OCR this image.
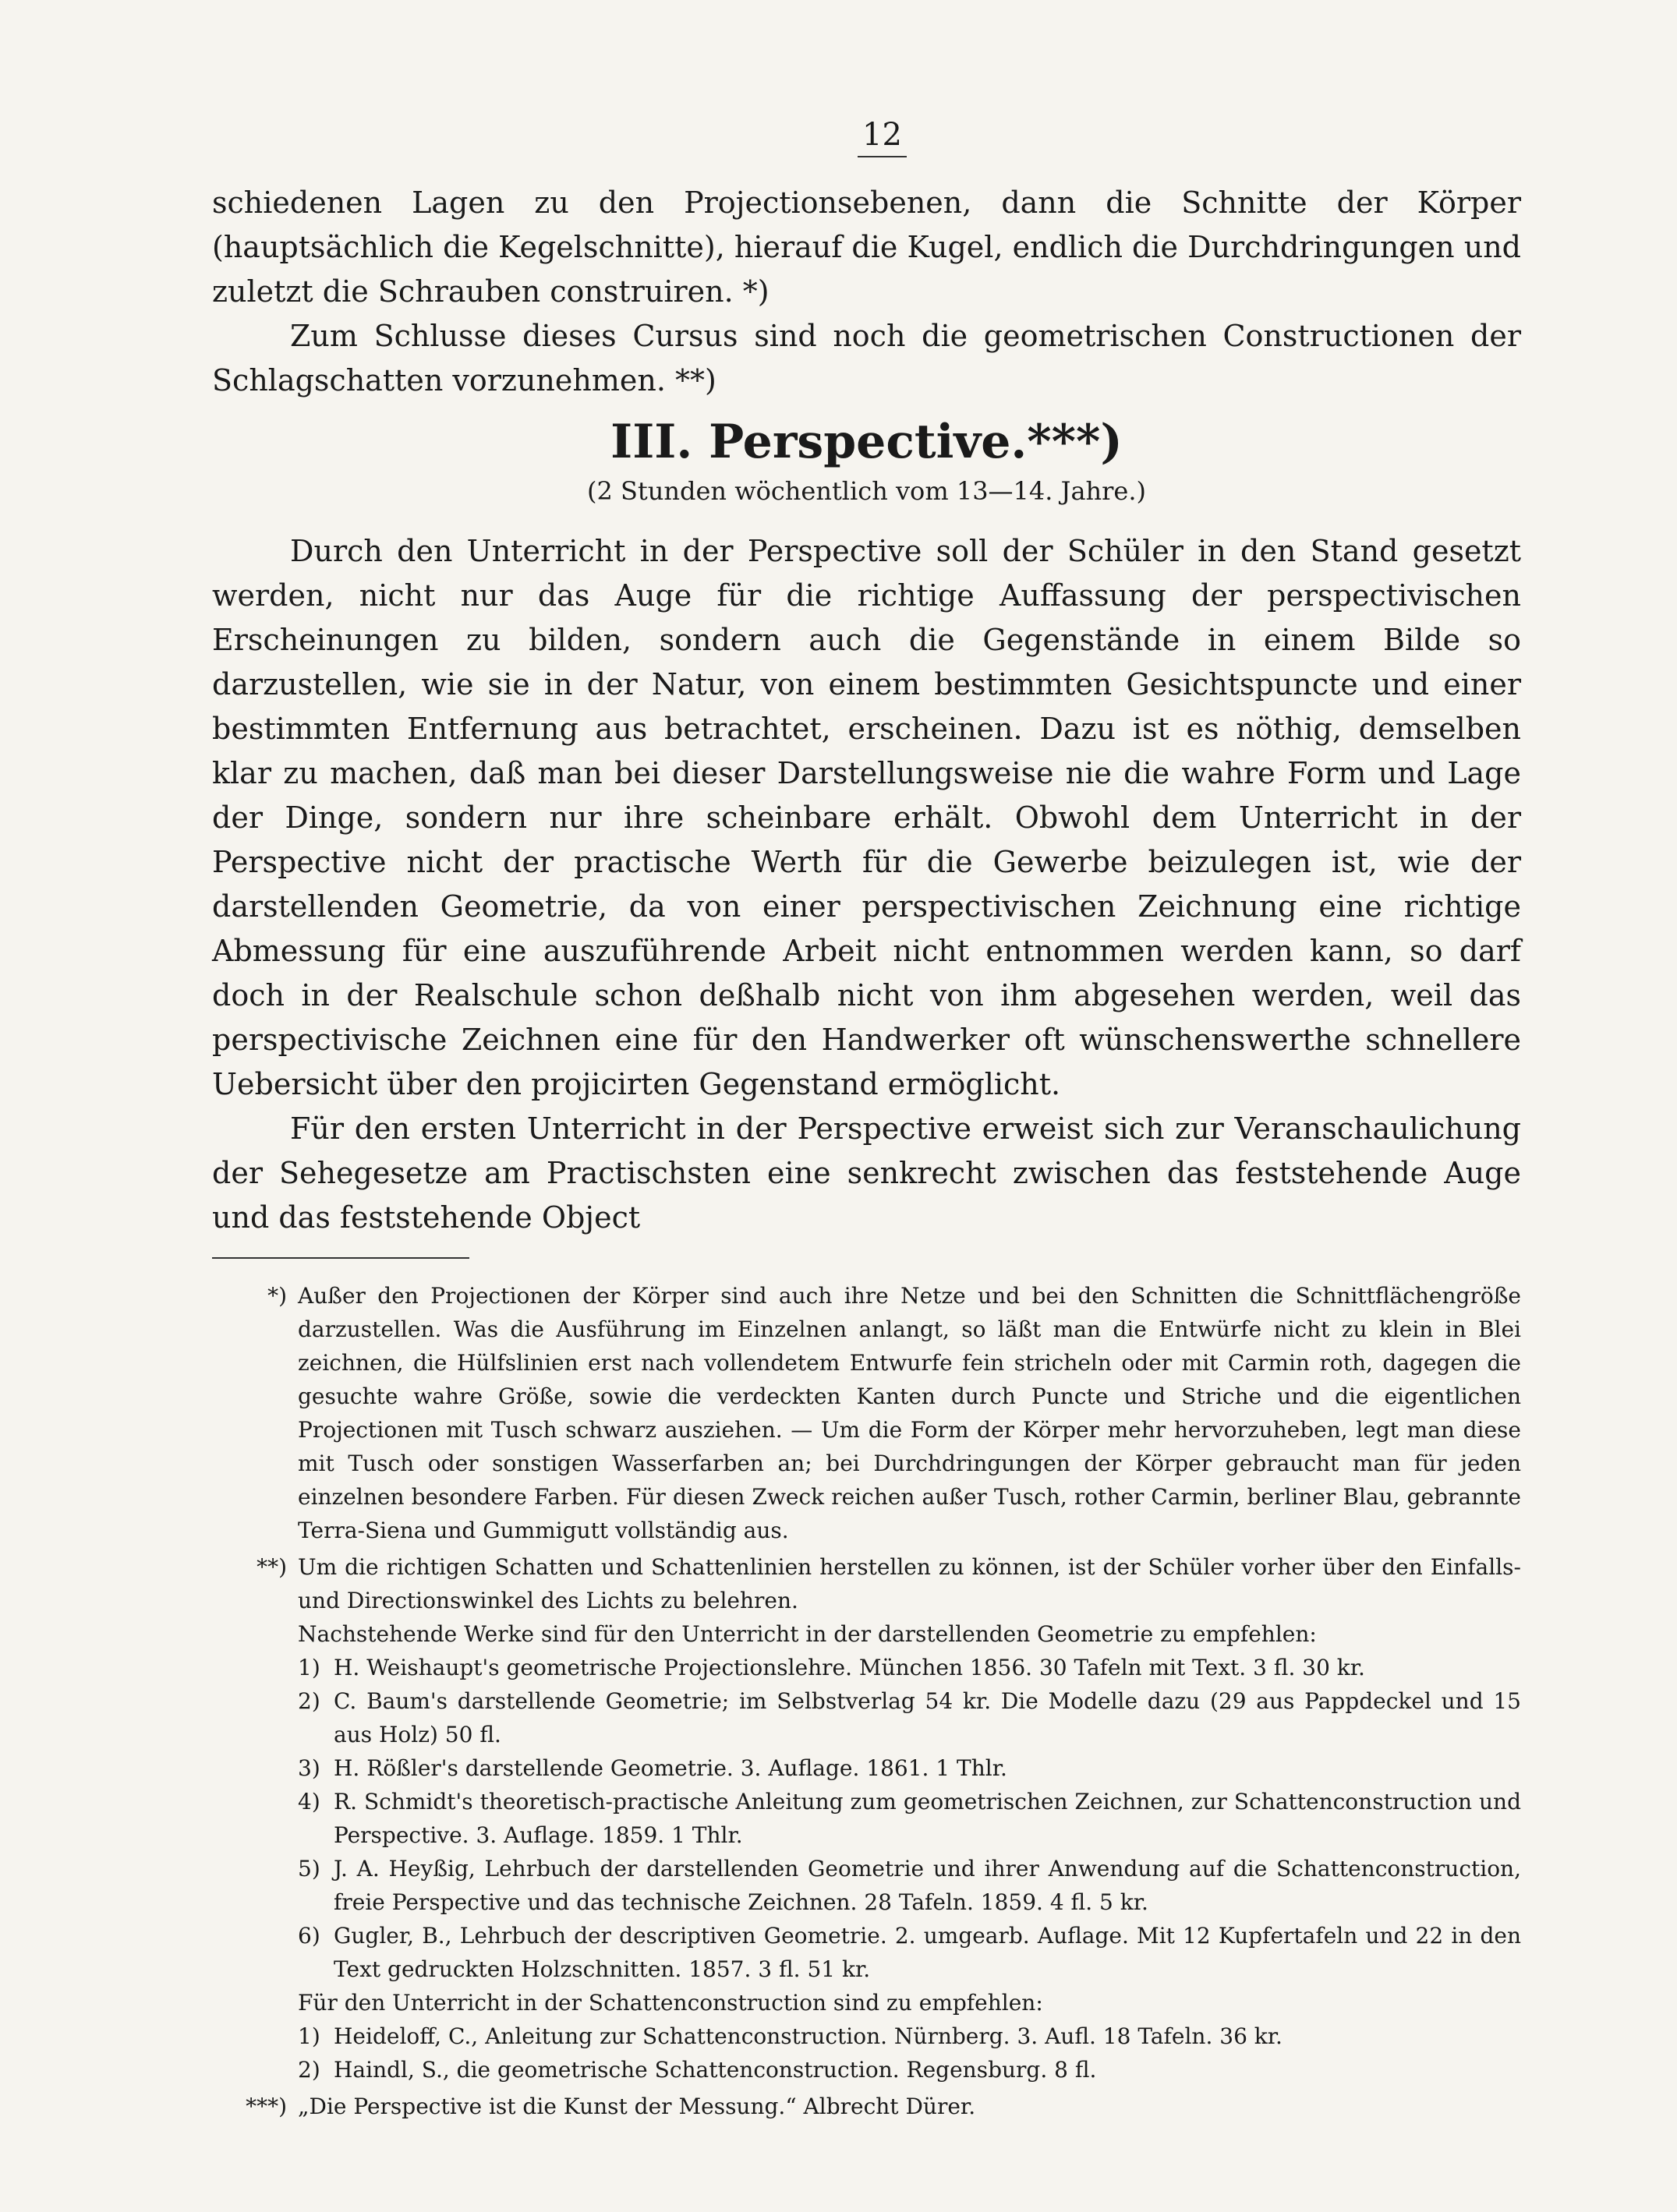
12

schiedenen Lagen zu den Projectionsebenen, dann die Schnitte der Körper (hauptsächlich die Kegelschnitte), hierauf die Kugel, endlich die Durchdringungen und zuletzt die Schrauben construiren. *)

Zum Schlusse dieses Cursus sind noch die geometrischen Constructionen der Schlagschatten vorzunehmen. **)

III. Perspective.***)
(2 Stunden wöchentlich vom 13—14. Jahre.)

Durch den Unterricht in der Perspective soll der Schüler in den Stand gesetzt werden, nicht nur das Auge für die richtige Auffassung der perspectivischen Erscheinungen zu bilden, sondern auch die Gegenstände in einem Bilde so darzustellen, wie sie in der Natur, von einem bestimmten Gesichtspuncte und einer bestimmten Entfernung aus betrachtet, erscheinen. Dazu ist es nöthig, demselben klar zu machen, daß man bei dieser Darstellungsweise nie die wahre Form und Lage der Dinge, sondern nur ihre scheinbare erhält. Obwohl dem Unterricht in der Perspective nicht der practische Werth für die Gewerbe beizulegen ist, wie der darstellenden Geometrie, da von einer perspectivischen Zeichnung eine richtige Abmessung für eine auszuführende Arbeit nicht entnommen werden kann, so darf doch in der Realschule schon deßhalb nicht von ihm abgesehen werden, weil das perspectivische Zeichnen eine für den Handwerker oft wünschenswerthe schnellere Uebersicht über den projicirten Gegenstand ermöglicht.

Für den ersten Unterricht in der Perspective erweist sich zur Veranschaulichung der Sehegesetze am Practischsten eine senkrecht zwischen das feststehende Auge und das feststehende Object

*) Außer den Projectionen der Körper sind auch ihre Netze und bei den Schnitten die Schnittflächengröße darzustellen. Was die Ausführung im Einzelnen anlangt, so läßt man die Entwürfe nicht zu klein in Blei zeichnen, die Hülfslinien erst nach vollendetem Entwurfe fein stricheln oder mit Carmin roth, dagegen die gesuchte wahre Größe, sowie die verdeckten Kanten durch Puncte und Striche und die eigentlichen Projectionen mit Tusch schwarz ausziehen. — Um die Form der Körper mehr hervorzuheben, legt man diese mit Tusch oder sonstigen Wasserfarben an; bei Durchdringungen der Körper gebraucht man für jeden einzelnen besondere Farben. Für diesen Zweck reichen außer Tusch, rother Carmin, berliner Blau, gebrannte Terra-Siena und Gummigutt vollständig aus.

**) Um die richtigen Schatten und Schattenlinien herstellen zu können, ist der Schüler vorher über den Einfalls- und Directionswinkel des Lichts zu belehren.

Nachstehende Werke sind für den Unterricht in der darstellenden Geometrie zu empfehlen:

1) H. Weishaupt's geometrische Projectionslehre. München 1856. 30 Tafeln mit Text. 3 fl. 30 kr.
2) C. Baum's darstellende Geometrie; im Selbstverlag 54 kr. Die Modelle dazu (29 aus Pappdeckel und 15 aus Holz) 50 fl.
3) H. Rößler's darstellende Geometrie. 3. Auflage. 1861. 1 Thlr.
4) R. Schmidt's theoretisch-practische Anleitung zum geometrischen Zeichnen, zur Schattenconstruction und Perspective. 3. Auflage. 1859. 1 Thlr.
5) J. A. Heyßig, Lehrbuch der darstellenden Geometrie und ihrer Anwendung auf die Schattenconstruction, freie Perspective und das technische Zeichnen. 28 Tafeln. 1859. 4 fl. 5 kr.
6) Gugler, B., Lehrbuch der descriptiven Geometrie. 2. umgearb. Auflage. Mit 12 Kupfertafeln und 22 in den Text gedruckten Holzschnitten. 1857. 3 fl. 51 kr.

Für den Unterricht in der Schattenconstruction sind zu empfehlen:

1) Heideloff, C., Anleitung zur Schattenconstruction. Nürnberg. 3. Aufl. 18 Tafeln. 36 kr.
2) Haindl, S., die geometrische Schattenconstruction. Regensburg. 8 fl.
***) „Die Perspective ist die Kunst der Messung.“ Albrecht Dürer.
